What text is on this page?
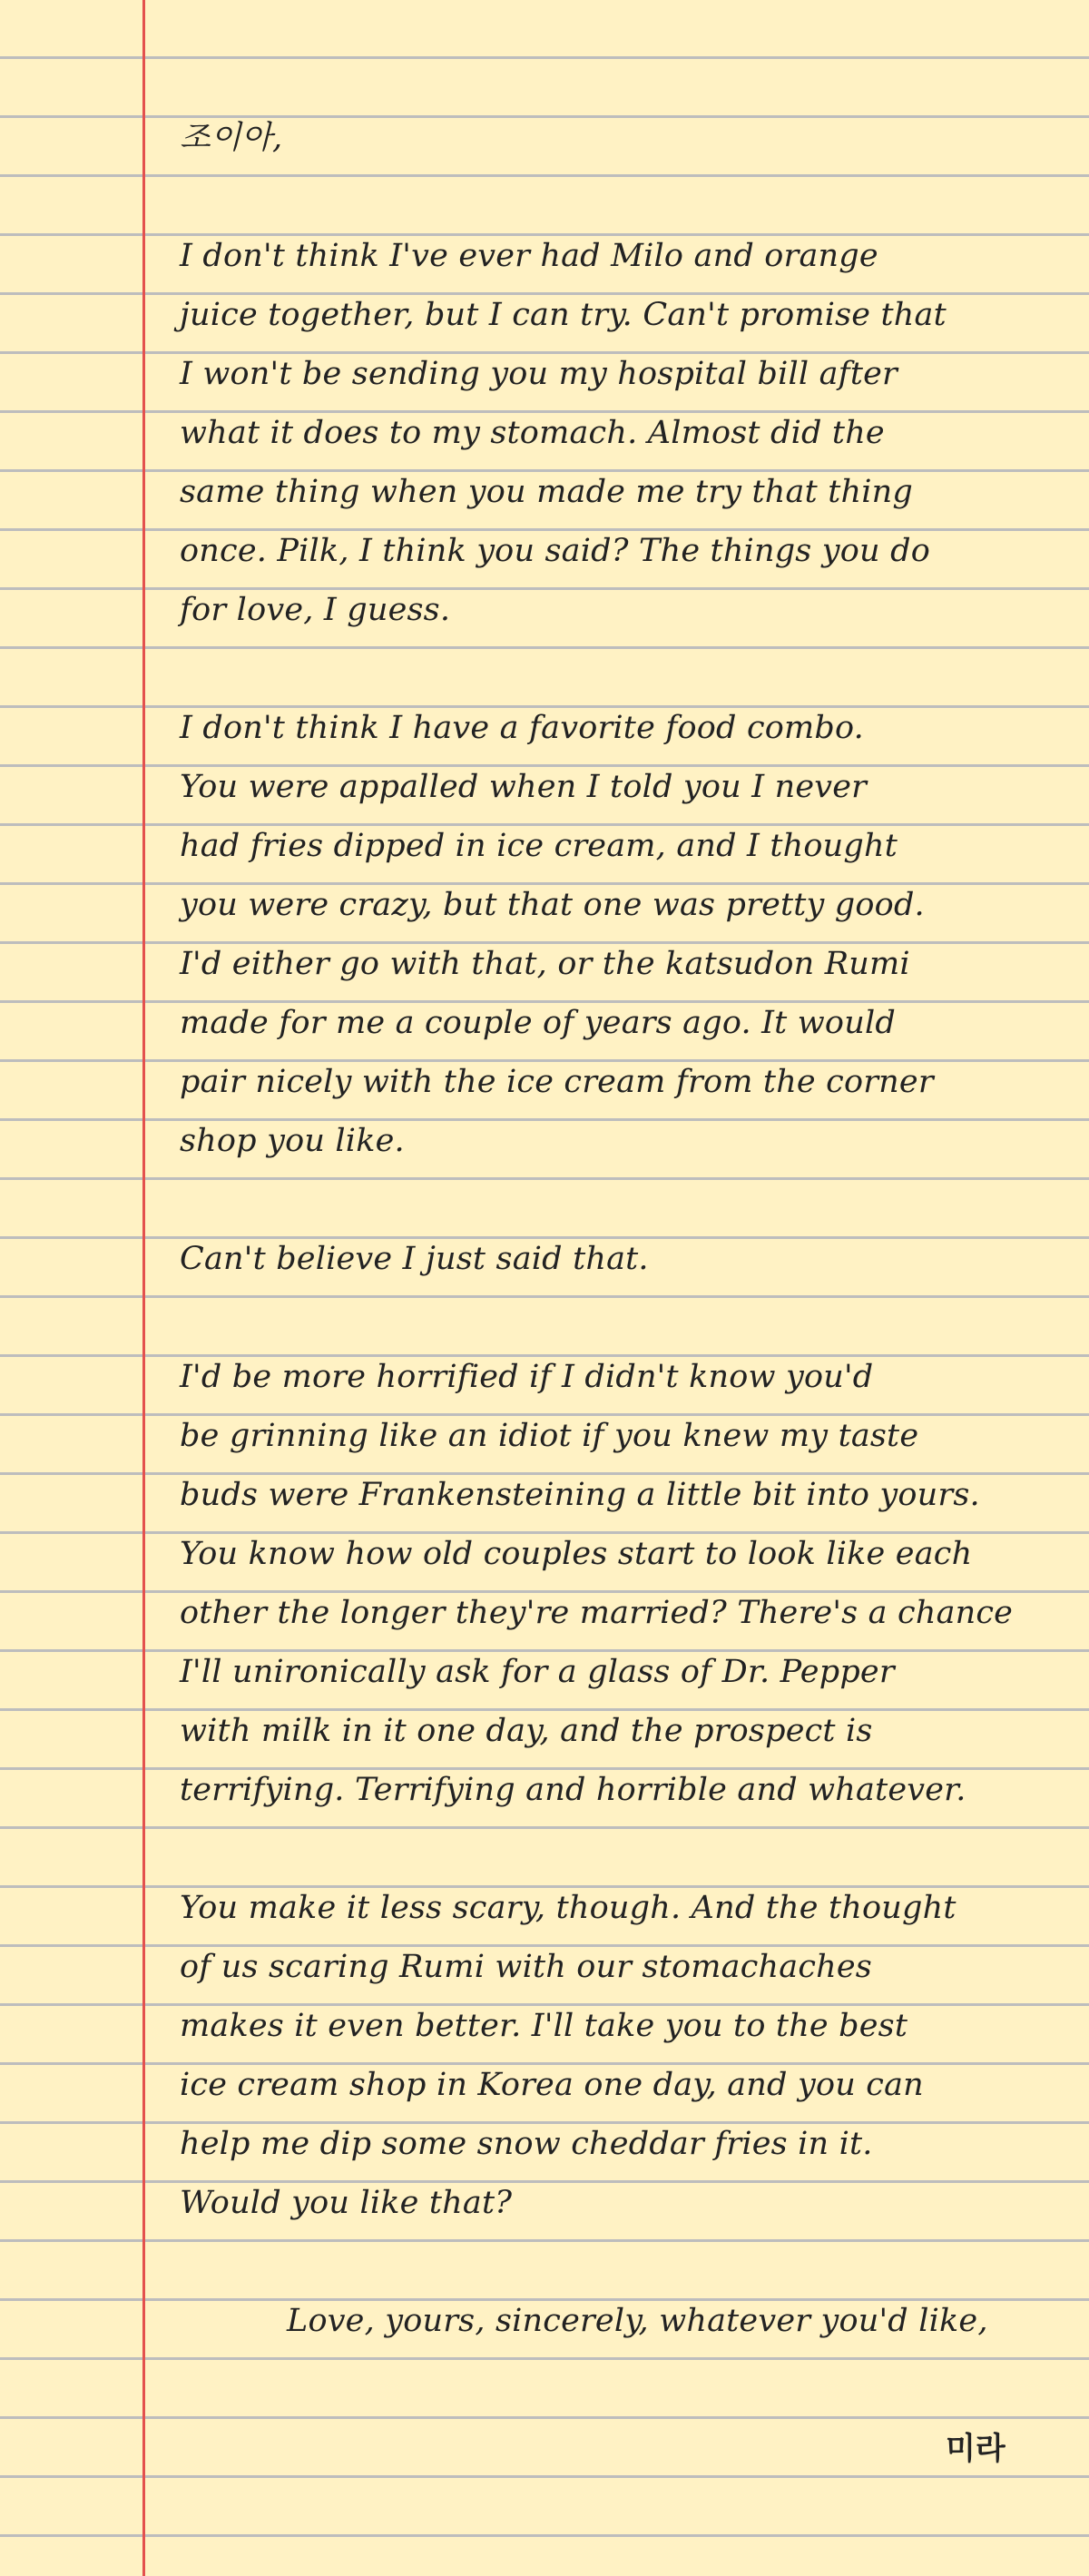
조이아,
I don't think I've ever had Milo and orange
juice together, but I can try. Can't promise that
I won't be sending you my hospital bill after
what it does to my stomach. Almost did the
same thing when you made me try that thing
once. Pilk, I think you said? The things you do
for love, I guess.
I don't think I have a favorite food combo.
You were appalled when I told you I never
had fries dipped in ice cream, and I thought
you were crazy, but that one was pretty good.
I'd either go with that, or the katsudon Rumi
made for me a couple of years ago. It would
pair nicely with the ice cream from the corner
shop you like.
Can't believe I just said that.
I'd be more horrified if I didn't know you'd
be grinning like an idiot if you knew my taste
buds were Frankensteining a little bit into yours.
You know how old couples start to look like each
other the longer they're married? There's a chance
I'll unironically ask for a glass of Dr. Pepper
with milk in it one day, and the prospect is
terrifying. Terrifying and horrible and whatever.
You make it less scary, though. And the thought
of us scaring Rumi with our stomachaches
makes it even better. I'll take you to the best
ice cream shop in Korea one day, and you can
help me dip some snow cheddar fries in it.
Would you like that?
Love, yours, sincerely, whatever you'd like,
미라
